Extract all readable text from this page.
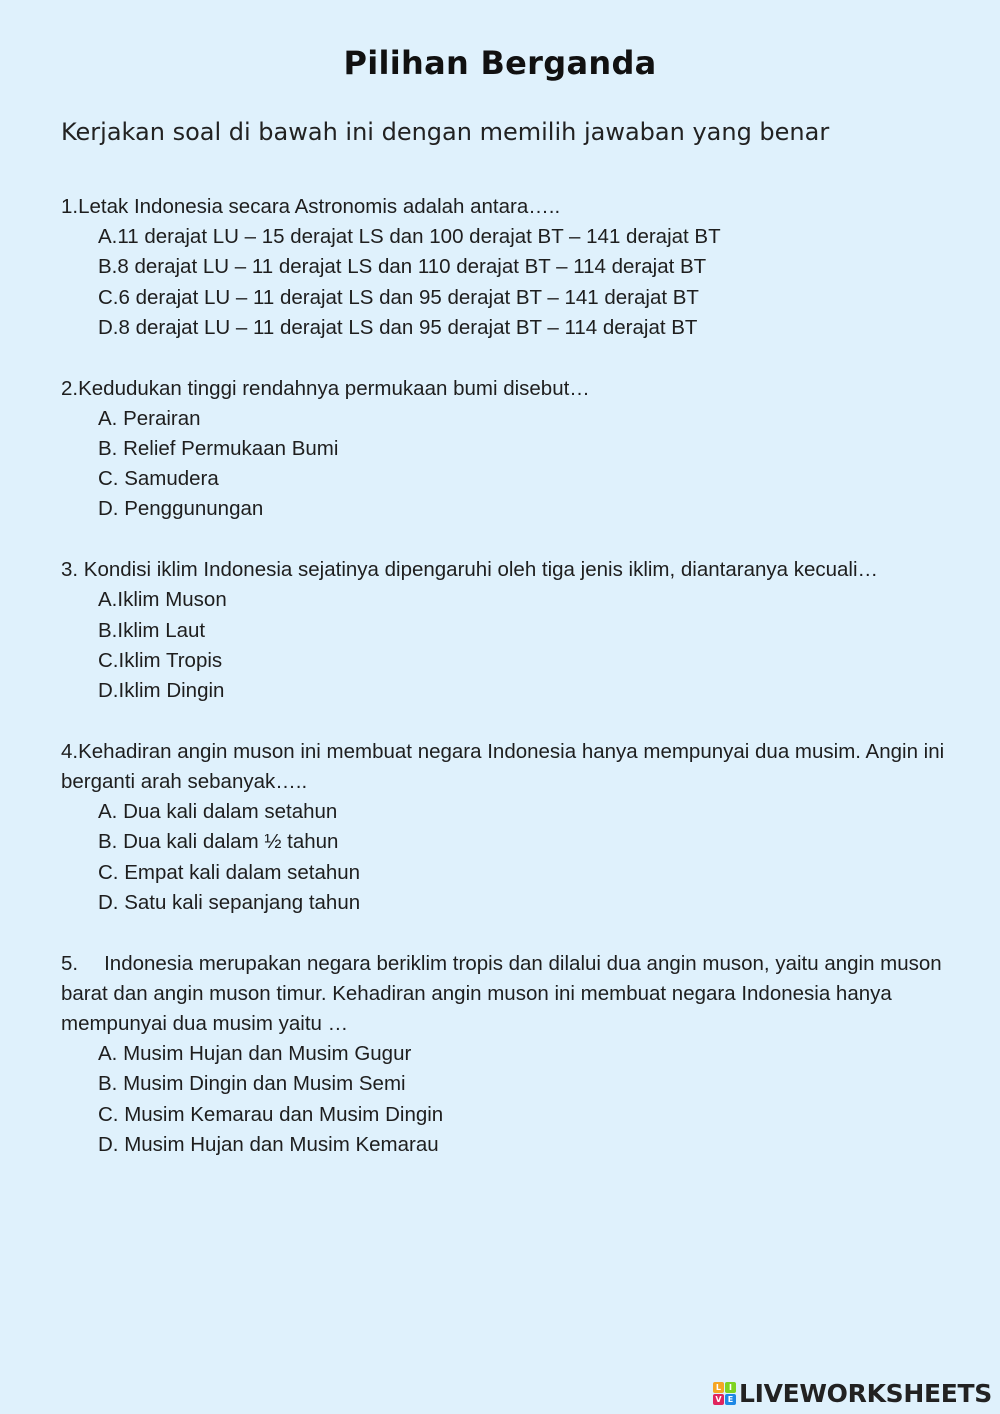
Pilihan Berganda

Kerjakan soal di bawah ini dengan memilih jawaban yang benar

1.Letak Indonesia secara Astronomis adalah antara…..

A.11 derajat LU – 15 derajat LS dan 100 derajat BT – 141 derajat BT
B.8 derajat LU – 11 derajat LS dan 110 derajat BT – 114 derajat BT
C.6 derajat LU – 11 derajat LS dan 95 derajat BT – 141 derajat BT
D.8 derajat LU – 11 derajat LS dan 95 derajat BT – 114 derajat BT

2.Kedudukan tinggi rendahnya permukaan bumi disebut…

A. Perairan
B. Relief Permukaan Bumi
C. Samudera
D. Penggunungan

3. Kondisi iklim Indonesia sejatinya dipengaruhi oleh tiga jenis iklim, diantaranya kecuali…

A.Iklim Muson
B.Iklim Laut
C.Iklim Tropis
D.Iklim Dingin

4.Kehadiran angin muson ini membuat negara Indonesia hanya mempunyai dua musim. Angin ini berganti arah sebanyak…..

A. Dua kali dalam setahun
B. Dua kali dalam ½ tahun
C. Empat kali dalam setahun
D. Satu kali sepanjang tahun

5. Indonesia merupakan negara beriklim tropis dan dilalui dua angin muson, yaitu angin muson barat dan angin muson timur. Kehadiran angin muson ini membuat negara Indonesia hanya mempunyai dua musim yaitu …

A. Musim Hujan dan Musim Gugur
B. Musim Dingin dan Musim Semi
C. Musim Kemarau dan Musim Dingin
D. Musim Hujan dan Musim Kemarau
L I
V E LIVEWORKSHEETS
